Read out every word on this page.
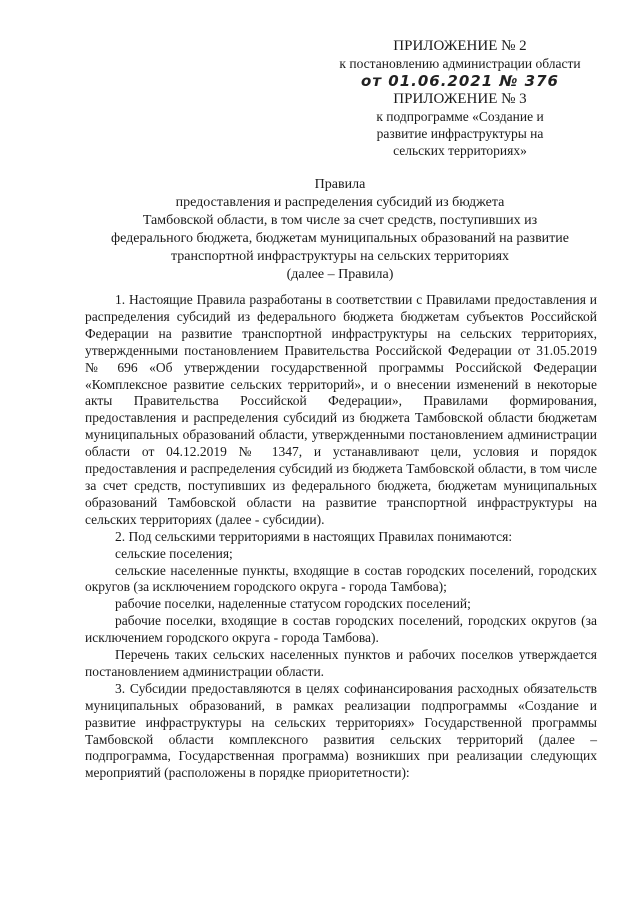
ПРИЛОЖЕНИЕ № 2
к постановлению администрации области
от 01.06.2021 № 376
ПРИЛОЖЕНИЕ № 3
к подпрограмме «Создание и
развитие инфраструктуры на
сельских территориях»
Правила
предоставления и распределения субсидий из бюджета
Тамбовской области, в том числе за счет средств, поступивших из
федерального бюджета, бюджетам муниципальных образований на развитие
транспортной инфраструктуры на сельских территориях
(далее – Правила)

1. Настоящие Правила разработаны в соответствии с Правилами предоставления и распределения субсидий из федерального бюджета бюджетам субъектов Российской Федерации на развитие транспортной инфраструктуры на сельских территориях, утвержденными постановлением Правительства Российской Федерации от 31.05.2019 № 696 «Об утверждении государственной программы Российской Федерации «Комплексное развитие сельских территорий», и о внесении изменений в некоторые акты Правительства Российской Федерации», Правилами формирования, предоставления и распределения субсидий из бюджета Тамбовской области бюджетам муниципальных образований области, утвержденными постановлением администрации области от 04.12.2019 № 1347, и устанавливают цели, условия и порядок предоставления и распределения субсидий из бюджета Тамбовской области, в том числе за счет средств, поступивших из федерального бюджета, бюджетам муниципальных образований Тамбовской области на развитие транспортной инфраструктуры на сельских территориях (далее - субсидии).

2. Под сельскими территориями в настоящих Правилах понимаются:

сельские поселения;

сельские населенные пункты, входящие в состав городских поселений, городских округов (за исключением городского округа - города Тамбова);

рабочие поселки, наделенные статусом городских поселений;

рабочие поселки, входящие в состав городских поселений, городских округов (за исключением городского округа - города Тамбова).

Перечень таких сельских населенных пунктов и рабочих поселков утверждается постановлением администрации области.

3. Субсидии предоставляются в целях софинансирования расходных обязательств муниципальных образований, в рамках реализации подпрограммы «Создание и развитие инфраструктуры на сельских территориях» Государственной программы Тамбовской области комплексного развития сельских территорий (далее – подпрограмма, Государственная программа) возникших при реализации следующих мероприятий (расположены в порядке приоритетности):
